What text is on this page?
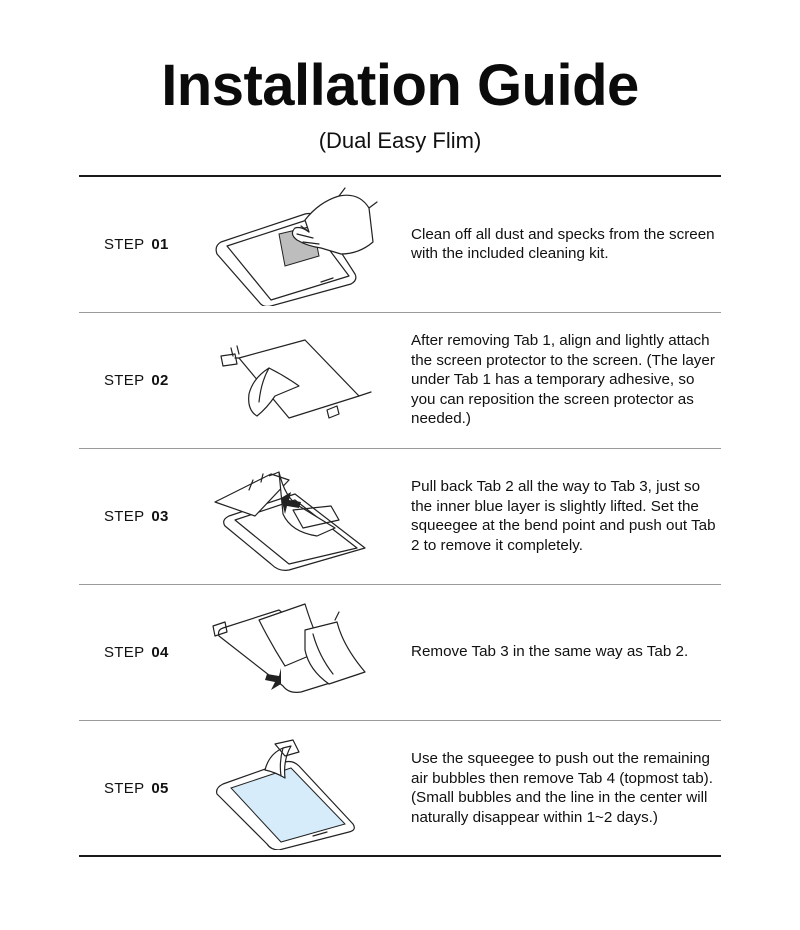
Installation Guide
(Dual Easy Flim)
STEP 01
Clean off all dust and specks from the screen with the included cleaning kit.
STEP 02
After removing Tab 1, align and lightly attach the screen protector to the screen. (The layer under Tab 1 has a temporary adhesive, so you can reposition the screen protector as needed.)
STEP 03
Pull back Tab 2 all the way to Tab 3, just so the inner blue layer is slightly lifted. Set the squeegee at the bend point and push out Tab 2 to remove it completely.
STEP 04	Remove Tab 3 in the same way as Tab 2.
STEP 05
Use the squeegee to push out the remaining air bubbles then remove Tab 4 (topmost tab). (Small bubbles and the line in the center will naturally disappear within 1~2 days.)
